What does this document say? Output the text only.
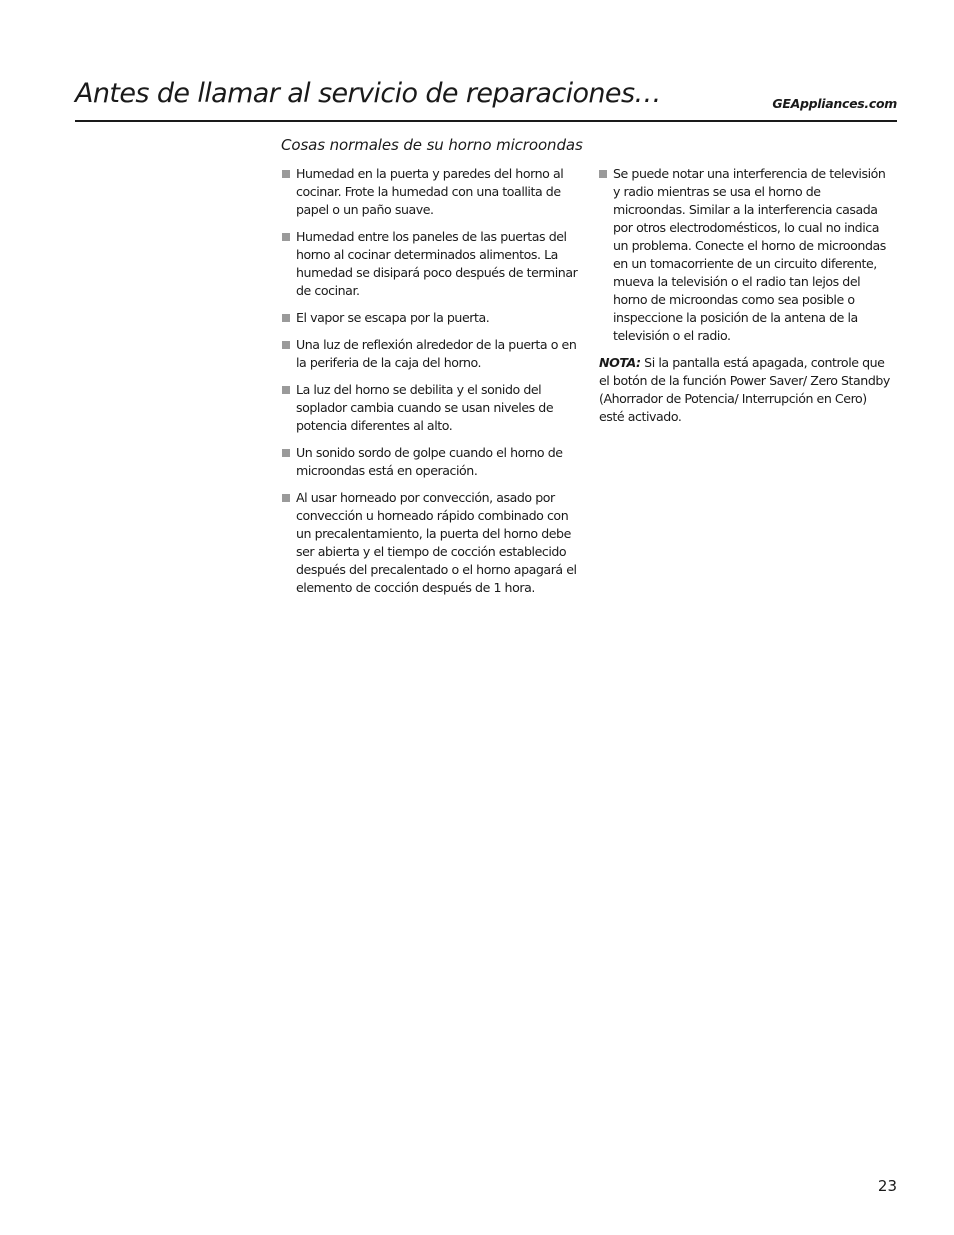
Antes de llamar al servicio de reparaciones…	GEAppliances.com
Cosas normales de su horno microondas
Humedad en la puerta y paredes del horno al cocinar. Frote la humedad con una toallita de papel o un paño suave.
Humedad entre los paneles de las puertas del horno al cocinar determinados alimentos. La humedad se disipará poco después de terminar de cocinar.
El vapor se escapa por la puerta.
Una luz de reflexión alrededor de la puerta o en la periferia de la caja del horno.
La luz del horno se debilita y el sonido del soplador cambia cuando se usan niveles de potencia diferentes al alto.
Un sonido sordo de golpe cuando el horno de microondas está en operación.
Al usar horneado por convección, asado por convección u horneado rápido combinado con un precalentamiento, la puerta del horno debe ser abierta y el tiempo de cocción establecido después del precalentado o el horno apagará el elemento de cocción después de 1 hora.
Se puede notar una interferencia de televisión y radio mientras se usa el horno de microondas. Similar a la interferencia casada por otros electrodomésticos, lo cual no indica un problema. Conecte el horno de microondas en un tomacorriente de un circuito diferente, mueva la televisión o el radio tan lejos del horno de microondas como sea posible o inspeccione la posición de la antena de la televisión o el radio.

NOTA: Si la pantalla está apagada, controle que el botón de la función Power Saver/ Zero Standby (Ahorrador de Potencia/ Interrupción en Cero) esté activado.

23
